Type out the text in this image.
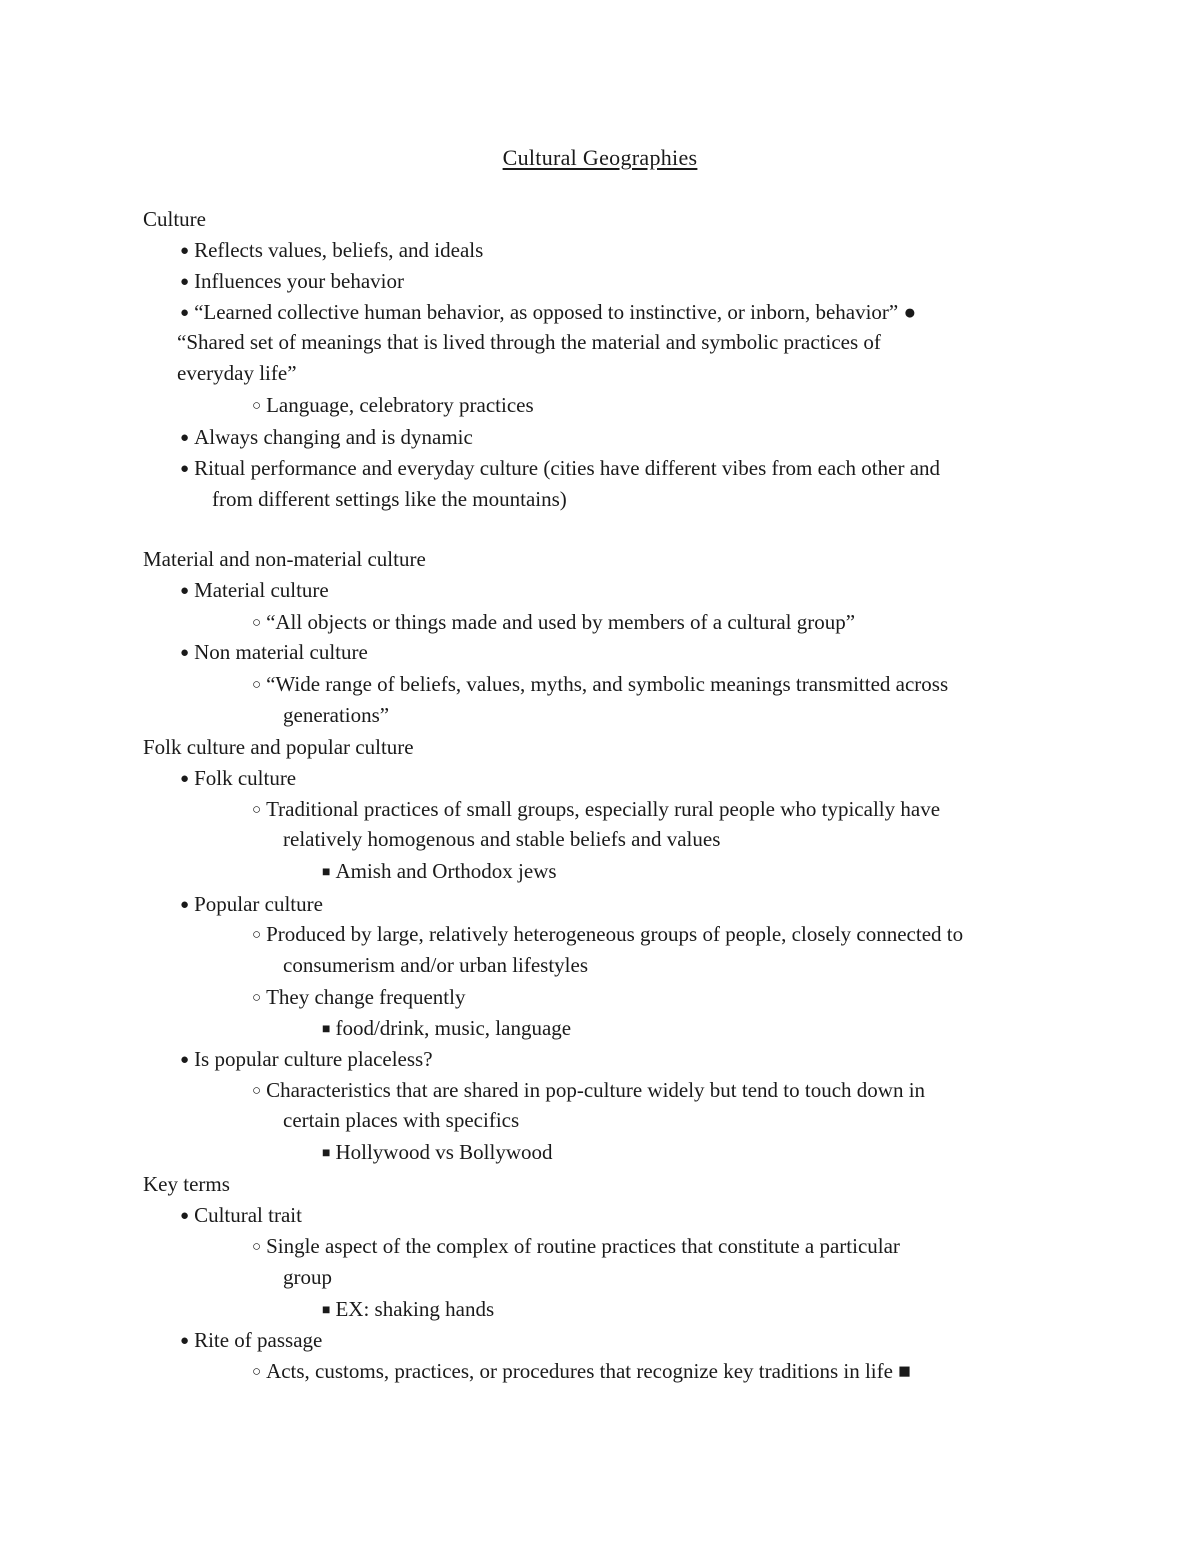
Cultural Geographies
Culture
● Reflects values, beliefs, and ideals
● Influences your behavior
● “Learned collective human behavior, as opposed to instinctive, or inborn, behavior” ●
“Shared set of meanings that is lived through the material and symbolic practices of
everyday life”
○ Language, celebratory practices
● Always changing and is dynamic
● Ritual performance and everyday culture (cities have different vibes from each other and
from different settings like the mountains)
Material and non-material culture
● Material culture
○ “All objects or things made and used by members of a cultural group”
● Non material culture
○ “Wide range of beliefs, values, myths, and symbolic meanings transmitted across
generations”
Folk culture and popular culture
● Folk culture
○ Traditional practices of small groups, especially rural people who typically have
relatively homogenous and stable beliefs and values
■ Amish and Orthodox jews
● Popular culture
○ Produced by large, relatively heterogeneous groups of people, closely connected to
consumerism and/or urban lifestyles
○ They change frequently
■ food/drink, music, language
● Is popular culture placeless?
○ Characteristics that are shared in pop-culture widely but tend to touch down in
certain places with specifics
■ Hollywood vs Bollywood
Key terms
● Cultural trait
○ Single aspect of the complex of routine practices that constitute a particular
group
■ EX: shaking hands
● Rite of passage
○ Acts, customs, practices, or procedures that recognize key traditions in life ■
